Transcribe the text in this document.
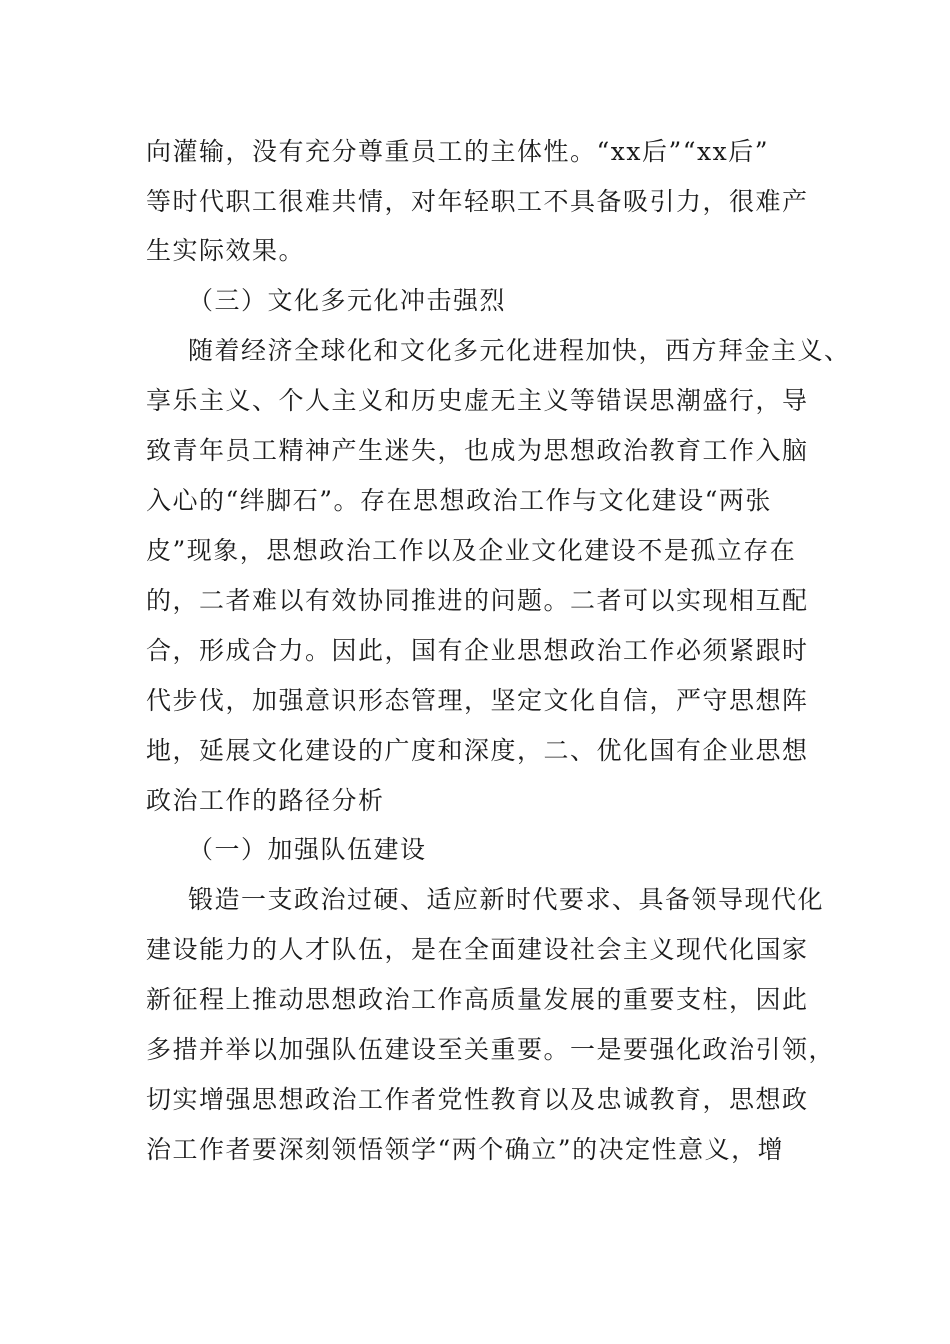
向灌输，没有充分尊重员工的主体性。“xx后”“xx后”
等时代职工很难共情，对年轻职工不具备吸引力，很难产
生实际效果。
（三）文化多元化冲击强烈
随着经济全球化和文化多元化进程加快，西方拜金主义、
享乐主义、个人主义和历史虚无主义等错误思潮盛行，导
致青年员工精神产生迷失，也成为思想政治教育工作入脑
入心的“绊脚石”。存在思想政治工作与文化建设“两张
皮”现象，思想政治工作以及企业文化建设不是孤立存在
的，二者难以有效协同推进的问题。二者可以实现相互配
合，形成合力。因此，国有企业思想政治工作必须紧跟时
代步伐，加强意识形态管理，坚定文化自信，严守思想阵
地，延展文化建设的广度和深度，二、优化国有企业思想
政治工作的路径分析
（一）加强队伍建设
锻造一支政治过硬、适应新时代要求、具备领导现代化
建设能力的人才队伍，是在全面建设社会主义现代化国家
新征程上推动思想政治工作高质量发展的重要支柱，因此
多措并举以加强队伍建设至关重要。一是要强化政治引领，
切实增强思想政治工作者党性教育以及忠诚教育，思想政
治工作者要深刻领悟领学“两个确立”的决定性意义，增
